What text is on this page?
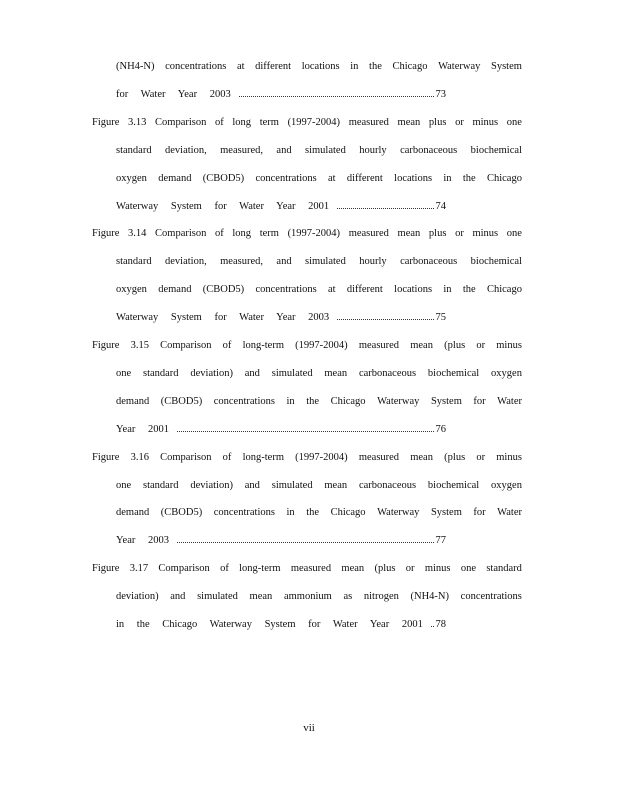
(NH4-N) concentrations at different locations in the Chicago Waterway System
for Water Year 2003	73
Figure 3.13 Comparison of long term (1997-2004) measured mean plus or minus one
standard deviation, measured, and simulated hourly carbonaceous biochemical
oxygen demand (CBOD5) concentrations at different locations in the Chicago
Waterway System for Water Year 2001	74
Figure 3.14 Comparison of long term (1997-2004) measured mean plus or minus one
standard deviation, measured, and simulated hourly carbonaceous biochemical
oxygen demand (CBOD5) concentrations at different locations in the Chicago
Waterway System for Water Year 2003	75
Figure 3.15 Comparison of long-term (1997-2004) measured mean (plus or minus
one standard deviation) and simulated mean carbonaceous biochemical oxygen
demand (CBOD5) concentrations in the Chicago Waterway System for Water
Year 2001	76
Figure 3.16 Comparison of long-term (1997-2004) measured mean (plus or minus
one standard deviation) and simulated mean carbonaceous biochemical oxygen
demand (CBOD5) concentrations in the Chicago Waterway System for Water
Year 2003	77
Figure 3.17 Comparison of long-term measured mean (plus or minus one standard
deviation) and simulated mean ammonium as nitrogen (NH4-N) concentrations
in the Chicago Waterway System for Water Year 2001 78
vii
